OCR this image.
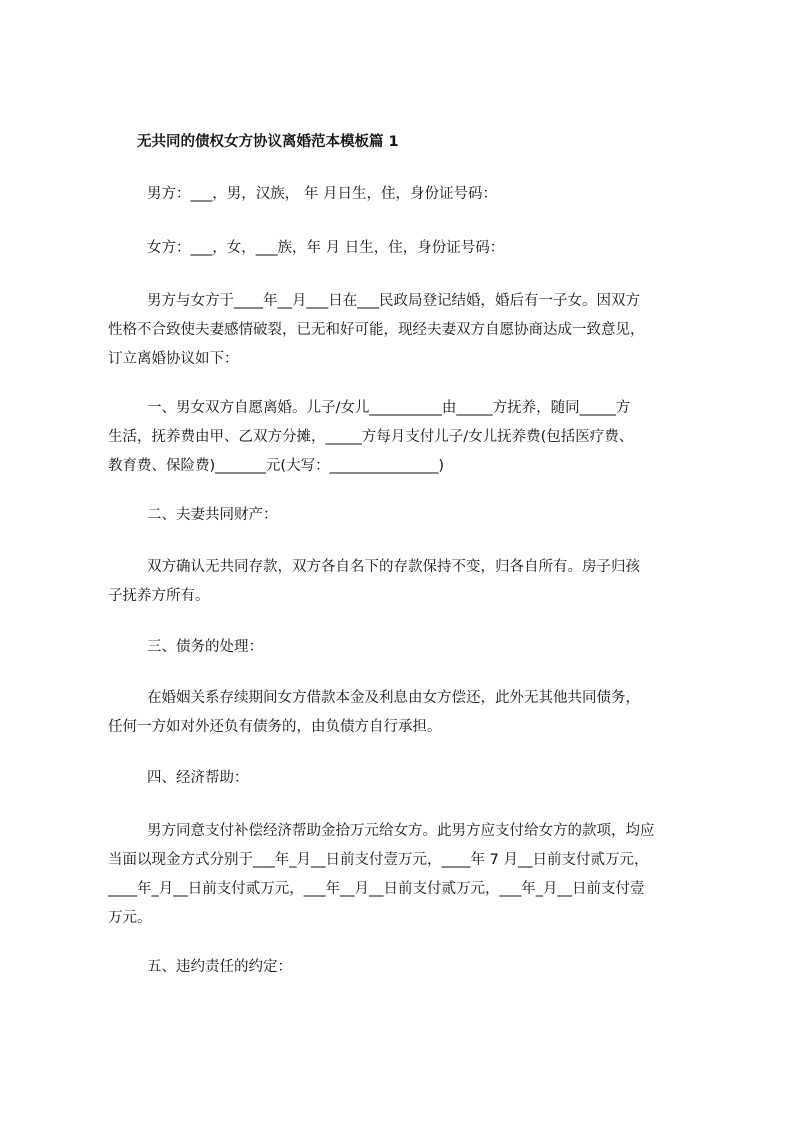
无共同的债权女方协议离婚范本模板篇 1
男方：___，男，汉族， 年 月日生，住，身份证号码：
女方：___，女，___族，年 月 日生，住，身份证号码：
男方与女方于____年__月___日在___民政局登记结婚，婚后有一子女。因双方
性格不合致使夫妻感情破裂，已无和好可能，现经夫妻双方自愿协商达成一致意见，
订立离婚协议如下：
一、男女双方自愿离婚。儿子/女儿__________由_____方抚养，随同_____方
生活，抚养费由甲、乙双方分摊，_____方每月支付儿子/女儿抚养费(包括医疗费、
教育费、保险费)_______元(大写：_______________)
二、夫妻共同财产：
双方确认无共同存款，双方各自名下的存款保持不变，归各自所有。房子归孩
子抚养方所有。
三、债务的处理：
在婚姻关系存续期间女方借款本金及利息由女方偿还，此外无其他共同债务，
任何一方如对外还负有债务的，由负债方自行承担。
四、经济帮助：
男方同意支付补偿经济帮助金拾万元给女方。此男方应支付给女方的款项，均应
当面以现金方式分别于___年_月__日前支付壹万元，____年 7 月__日前支付贰万元，
____年_月__日前支付贰万元，___年__月__日前支付贰万元，___年_月__日前支付壹
万元。
五、违约责任的约定：
